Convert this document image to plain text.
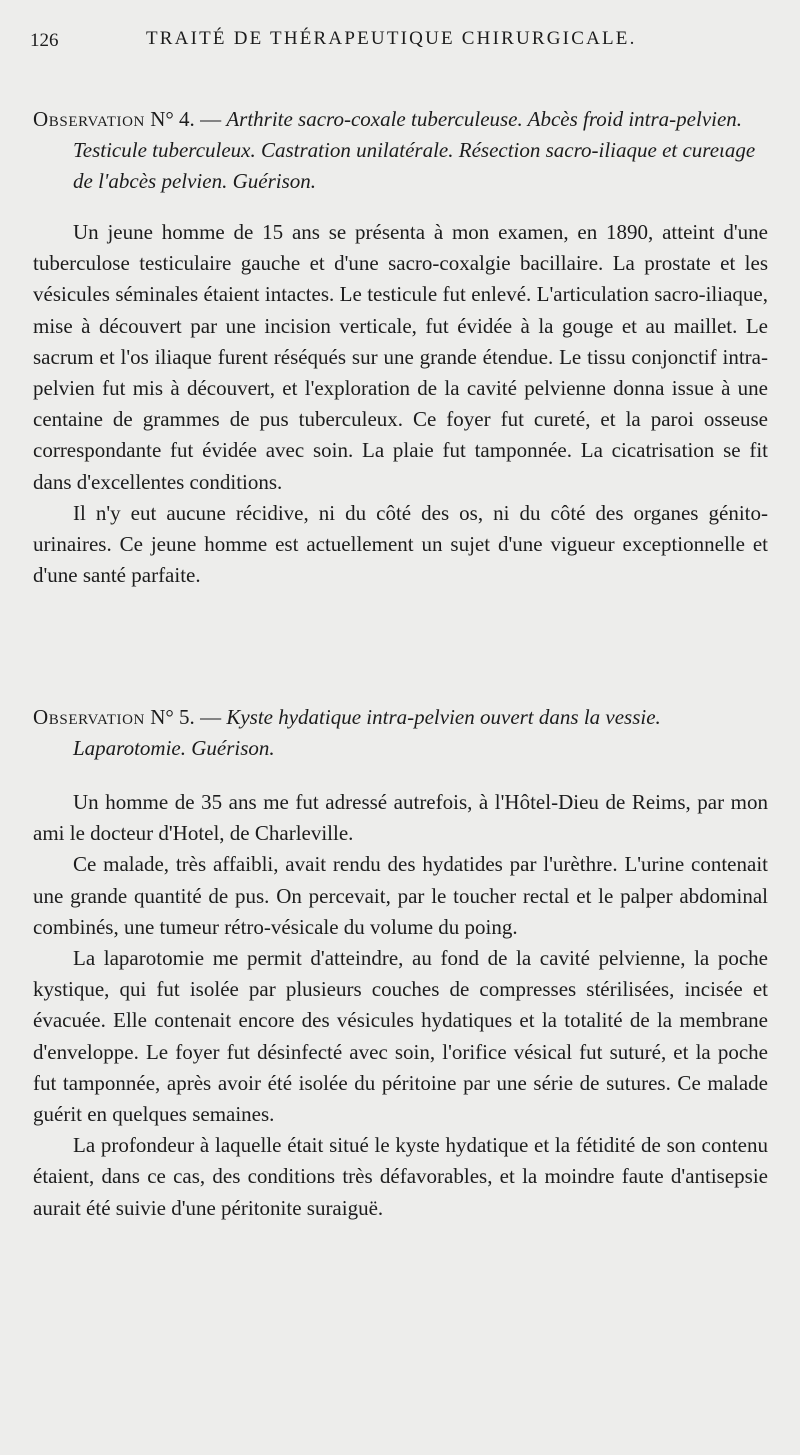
126	TRAITÉ DE THÉRAPEUTIQUE CHIRURGICALE.

Observation N° 4. — Arthrite sacro-coxale tuberculeuse. Abcès froid intra-pelvien. Testicule tuberculeux. Castration unilatérale. Résection sacro-iliaque et cureιage de l'abcès pelvien. Guérison.

Un jeune homme de 15 ans se présenta à mon examen, en 1890, atteint d'une tuberculose testiculaire gauche et d'une sacro-coxalgie bacillaire. La prostate et les vésicules séminales étaient intactes. Le testicule fut enlevé. L'articulation sacro-iliaque, mise à découvert par une incision verticale, fut évidée à la gouge et au maillet. Le sacrum et l'os iliaque furent réséqués sur une grande étendue. Le tissu conjonctif intra-pelvien fut mis à découvert, et l'exploration de la cavité pelvienne donna issue à une centaine de grammes de pus tuberculeux. Ce foyer fut cureté, et la paroi osseuse correspondante fut évidée avec soin. La plaie fut tamponnée. La cicatrisation se fit dans d'excellentes conditions.

Il n'y eut aucune récidive, ni du côté des os, ni du côté des organes génito-urinaires. Ce jeune homme est actuellement un sujet d'une vigueur exceptionnelle et d'une santé parfaite.

Observation N° 5. — Kyste hydatique intra-pelvien ouvert dans la vessie. Laparotomie. Guérison.

Un homme de 35 ans me fut adressé autrefois, à l'Hôtel-Dieu de Reims, par mon ami le docteur d'Hotel, de Charleville.

Ce malade, très affaibli, avait rendu des hydatides par l'urèthre. L'urine contenait une grande quantité de pus. On percevait, par le toucher rectal et le palper abdominal combinés, une tumeur rétro-vésicale du volume du poing.

La laparotomie me permit d'atteindre, au fond de la cavité pelvienne, la poche kystique, qui fut isolée par plusieurs couches de compresses stérilisées, incisée et évacuée. Elle contenait encore des vésicules hydatiques et la totalité de la membrane d'enveloppe. Le foyer fut désinfecté avec soin, l'orifice vésical fut suturé, et la poche fut tamponnée, après avoir été isolée du péritoine par une série de sutures. Ce malade guérit en quelques semaines.

La profondeur à laquelle était situé le kyste hydatique et la fétidité de son contenu étaient, dans ce cas, des conditions très défavorables, et la moindre faute d'antisepsie aurait été suivie d'une péritonite suraiguë.
